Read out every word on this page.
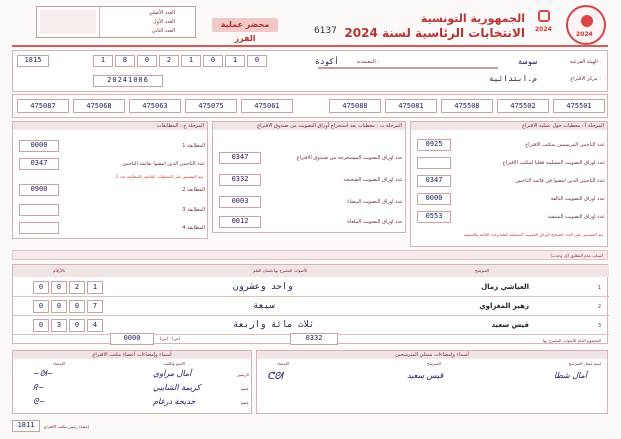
2024
2024
الجمهورية التونسية
الانتخابات الرئاسية لسنة 2024
6137
محضر عملية الفرز
العدد الأصلي
العدد الأول
العدد الثاني
الهيئة الفرعية :
سوسة
المعتمدية :
أكودة
مركز الاقتراع :
م.ابتدائية
1	8	0	2	1	0	1	0
1815
20241006
475501
475502
475508
475081
475088
475087	475068	475063	475075	475061
المرحلة أ : معطيات حول عملية الاقتراع
0925	عدد الناخبين المرسمين بمكتب الاقتراع
عدد أوراق التصويت المسلمة فعليا لمكتب الاقتراع
0347	عدد الناخبين الذين أمضوا في قائمة الناخبين
0000	عدد أوراق التصويت التالفة
0553	عدد أوراق التصويت المتبقية
يتم التنصيص على العدد الصحيح لأوراق التصويت المسلمة فعليا وعدد التالفة والمتبقية
المرحلة ب : معطيات بعد استخراج أوراق التصويت من صندوق الاقتراع
0347	عدد أوراق التصويت المستخرجة من صندوق الاقتراع
0332	عدد أوراق التصويت الصحيحة
0003	عدد أوراق التصويت البيضاء
0012	عدد أوراق التصويت الملغاة
المرحلة ج : المطابقات
0000	المطابقة 1
0347	عدد الناخبين الذين أمضوا بقائمة الناخبين
يتم التنصيص على المعطيات الخاصة بالمطابقة عدد 1
0900	المطابقة 2
المطابقة 3
المطابقة 4
أسباب عدم التطابق (إن وجدت)
المترشح
الأصوات المصرح بها بلسان القلم
بالأرقام
1
العياشي زمال
واحد وعشرون
0	0	2	1
2
زهير المغزاوي
سبعة
0	0	0	7
3
قيس سعيد
ثلاث مائة واربعة
0	3	0	4
المجموع العام للأصوات المصرح بها
0332
(س) - (ص)
0000
أسماء وإمضاءات أعضاء مكتب الاقتراع
الإمضاء	الاسم واللقب
~ᘛ~	آمال مراوي	الرئيس
ᖇ~	كريمة الشايبي	عضو
ᘓ~	خديجة درغام	عضو
أسماء وإمضاءات ممثلي المترشحين
الإمضاء	المترشح	اسم ممثل المترشح
ᕦᘛ	قيس سعيد	آمال شطا
1811	إمضاء رئيس مكتب الاقتراع
